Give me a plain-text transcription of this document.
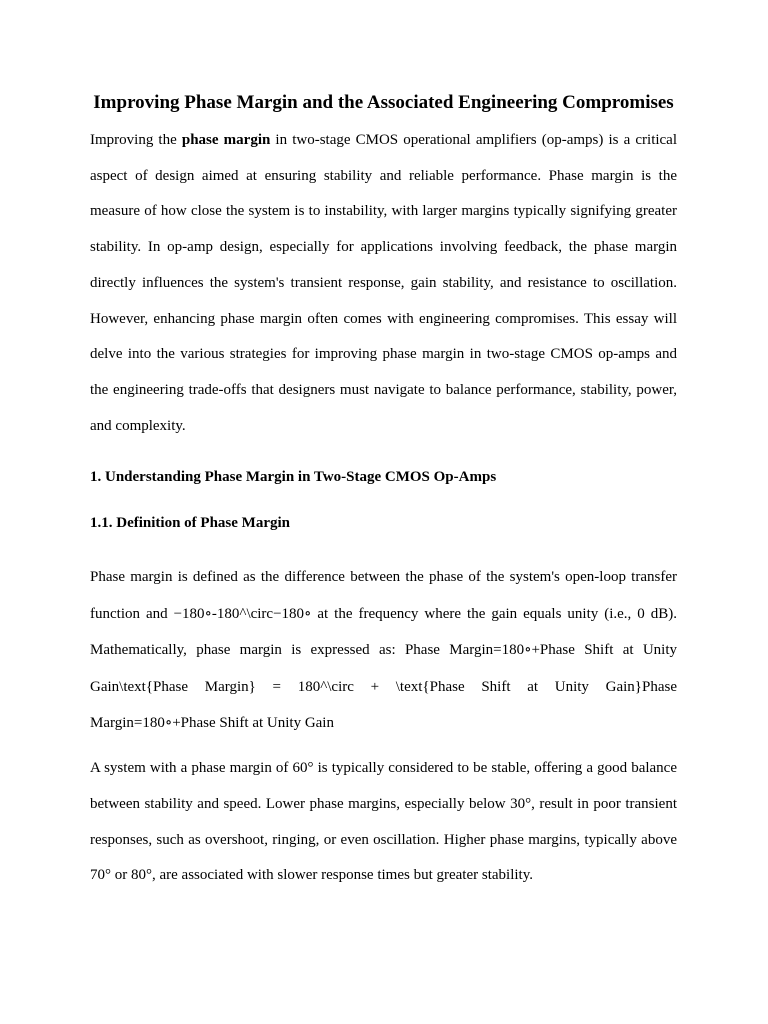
Improving Phase Margin and the Associated Engineering Compromises

Improving the phase margin in two-stage CMOS operational amplifiers (op-amps) is a critical aspect of design aimed at ensuring stability and reliable performance. Phase margin is the measure of how close the system is to instability, with larger margins typically signifying greater stability. In op-amp design, especially for applications involving feedback, the phase margin directly influences the system's transient response, gain stability, and resistance to oscillation. However, enhancing phase margin often comes with engineering compromises. This essay will delve into the various strategies for improving phase margin in two-stage CMOS op-amps and the engineering trade-offs that designers must navigate to balance performance, stability, power, and complexity.

1. Understanding Phase Margin in Two-Stage CMOS Op-Amps
1.1. Definition of Phase Margin

Phase margin is defined as the difference between the phase of the system's open-loop transfer function and −180∘-180^\circ−180∘ at the frequency where the gain equals unity (i.e., 0 dB). Mathematically, phase margin is expressed as: Phase Margin=180∘+Phase Shift at Unity Gain\text{Phase Margin} = 180^\circ + \text{Phase Shift at Unity Gain}Phase Margin=180∘+Phase Shift at Unity Gain

A system with a phase margin of 60° is typically considered to be stable, offering a good balance between stability and speed. Lower phase margins, especially below 30°, result in poor transient responses, such as overshoot, ringing, or even oscillation. Higher phase margins, typically above 70° or 80°, are associated with slower response times but greater stability.
